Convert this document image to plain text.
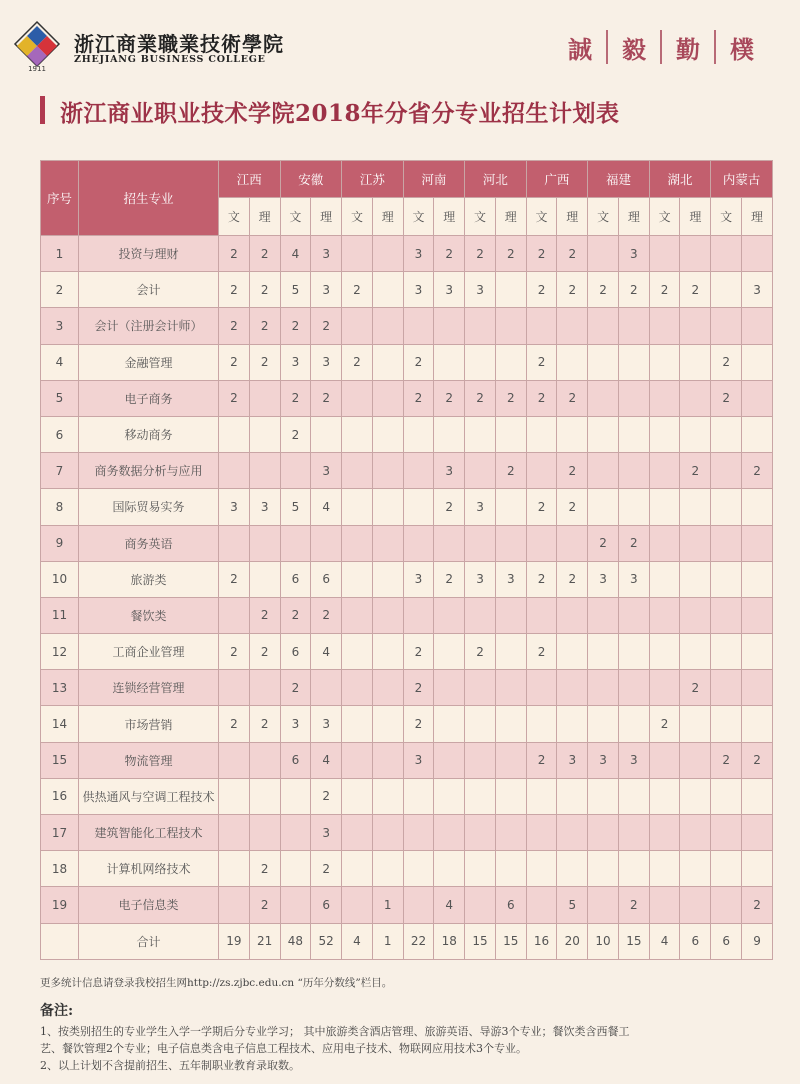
1911
浙江商業職業技術學院
ZHEJIANG BUSINESS COLLEGE	誠	毅	勤	樸
浙江商业职业技术学院2018年分省分专业招生计划表
序号	招生专业	江西		安徽		江苏		河南		河北		广西		福建		湖北		内蒙古	
		文	理	文	理	文	理	文	理	文	理	文	理	文	理	文	理	文	理
1	投资与理财	2	2	4	3			3	2	2	2	2	2		3				
2	会计	2	2	5	3	2		3	3	3		2	2	2	2	2	2		3
3	会计（注册会计师）	2	2	2	2														
4	金融管理	2	2	3	3	2		2				2						2	
5	电子商务	2		2	2			2	2	2	2	2	2					2	
6	移动商务			2															
7	商务数据分析与应用				3				3		2		2				2		2
8	国际贸易实务	3	3	5	4				2	3		2	2						
9	商务英语													2	2				
10	旅游类	2		6	6			3	2	3	3	2	2	3	3				
11	餐饮类		2	2	2														
12	工商企业管理	2	2	6	4			2		2		2							
13	连锁经营管理			2				2									2		
14	市场营销	2	2	3	3			2								2			
15	物流管理			6	4			3				2	3	3	3			2	2
16	供热通风与空调工程技术				2														
17	建筑智能化工程技术				3														
18	计算机网络技术		2		2														
19	电子信息类		2		6		1		4		6		5		2				2
	合计	19	21	48	52	4	1	22	18	15	15	16	20	10	15	4	6	6	9
更多统计信息请登录我校招生网http://zs.zjbc.edu.cn “历年分数线”栏目。
备注:
1、按类别招生的专业学生入学一学期后分专业学习； 其中旅游类含酒店管理、旅游英语、导游3个专业；餐饮类含西餐工
艺、餐饮管理2个专业；电子信息类含电子信息工程技术、应用电子技术、物联网应用技术3个专业。
2、以上计划不含提前招生、五年制职业教育录取数。
